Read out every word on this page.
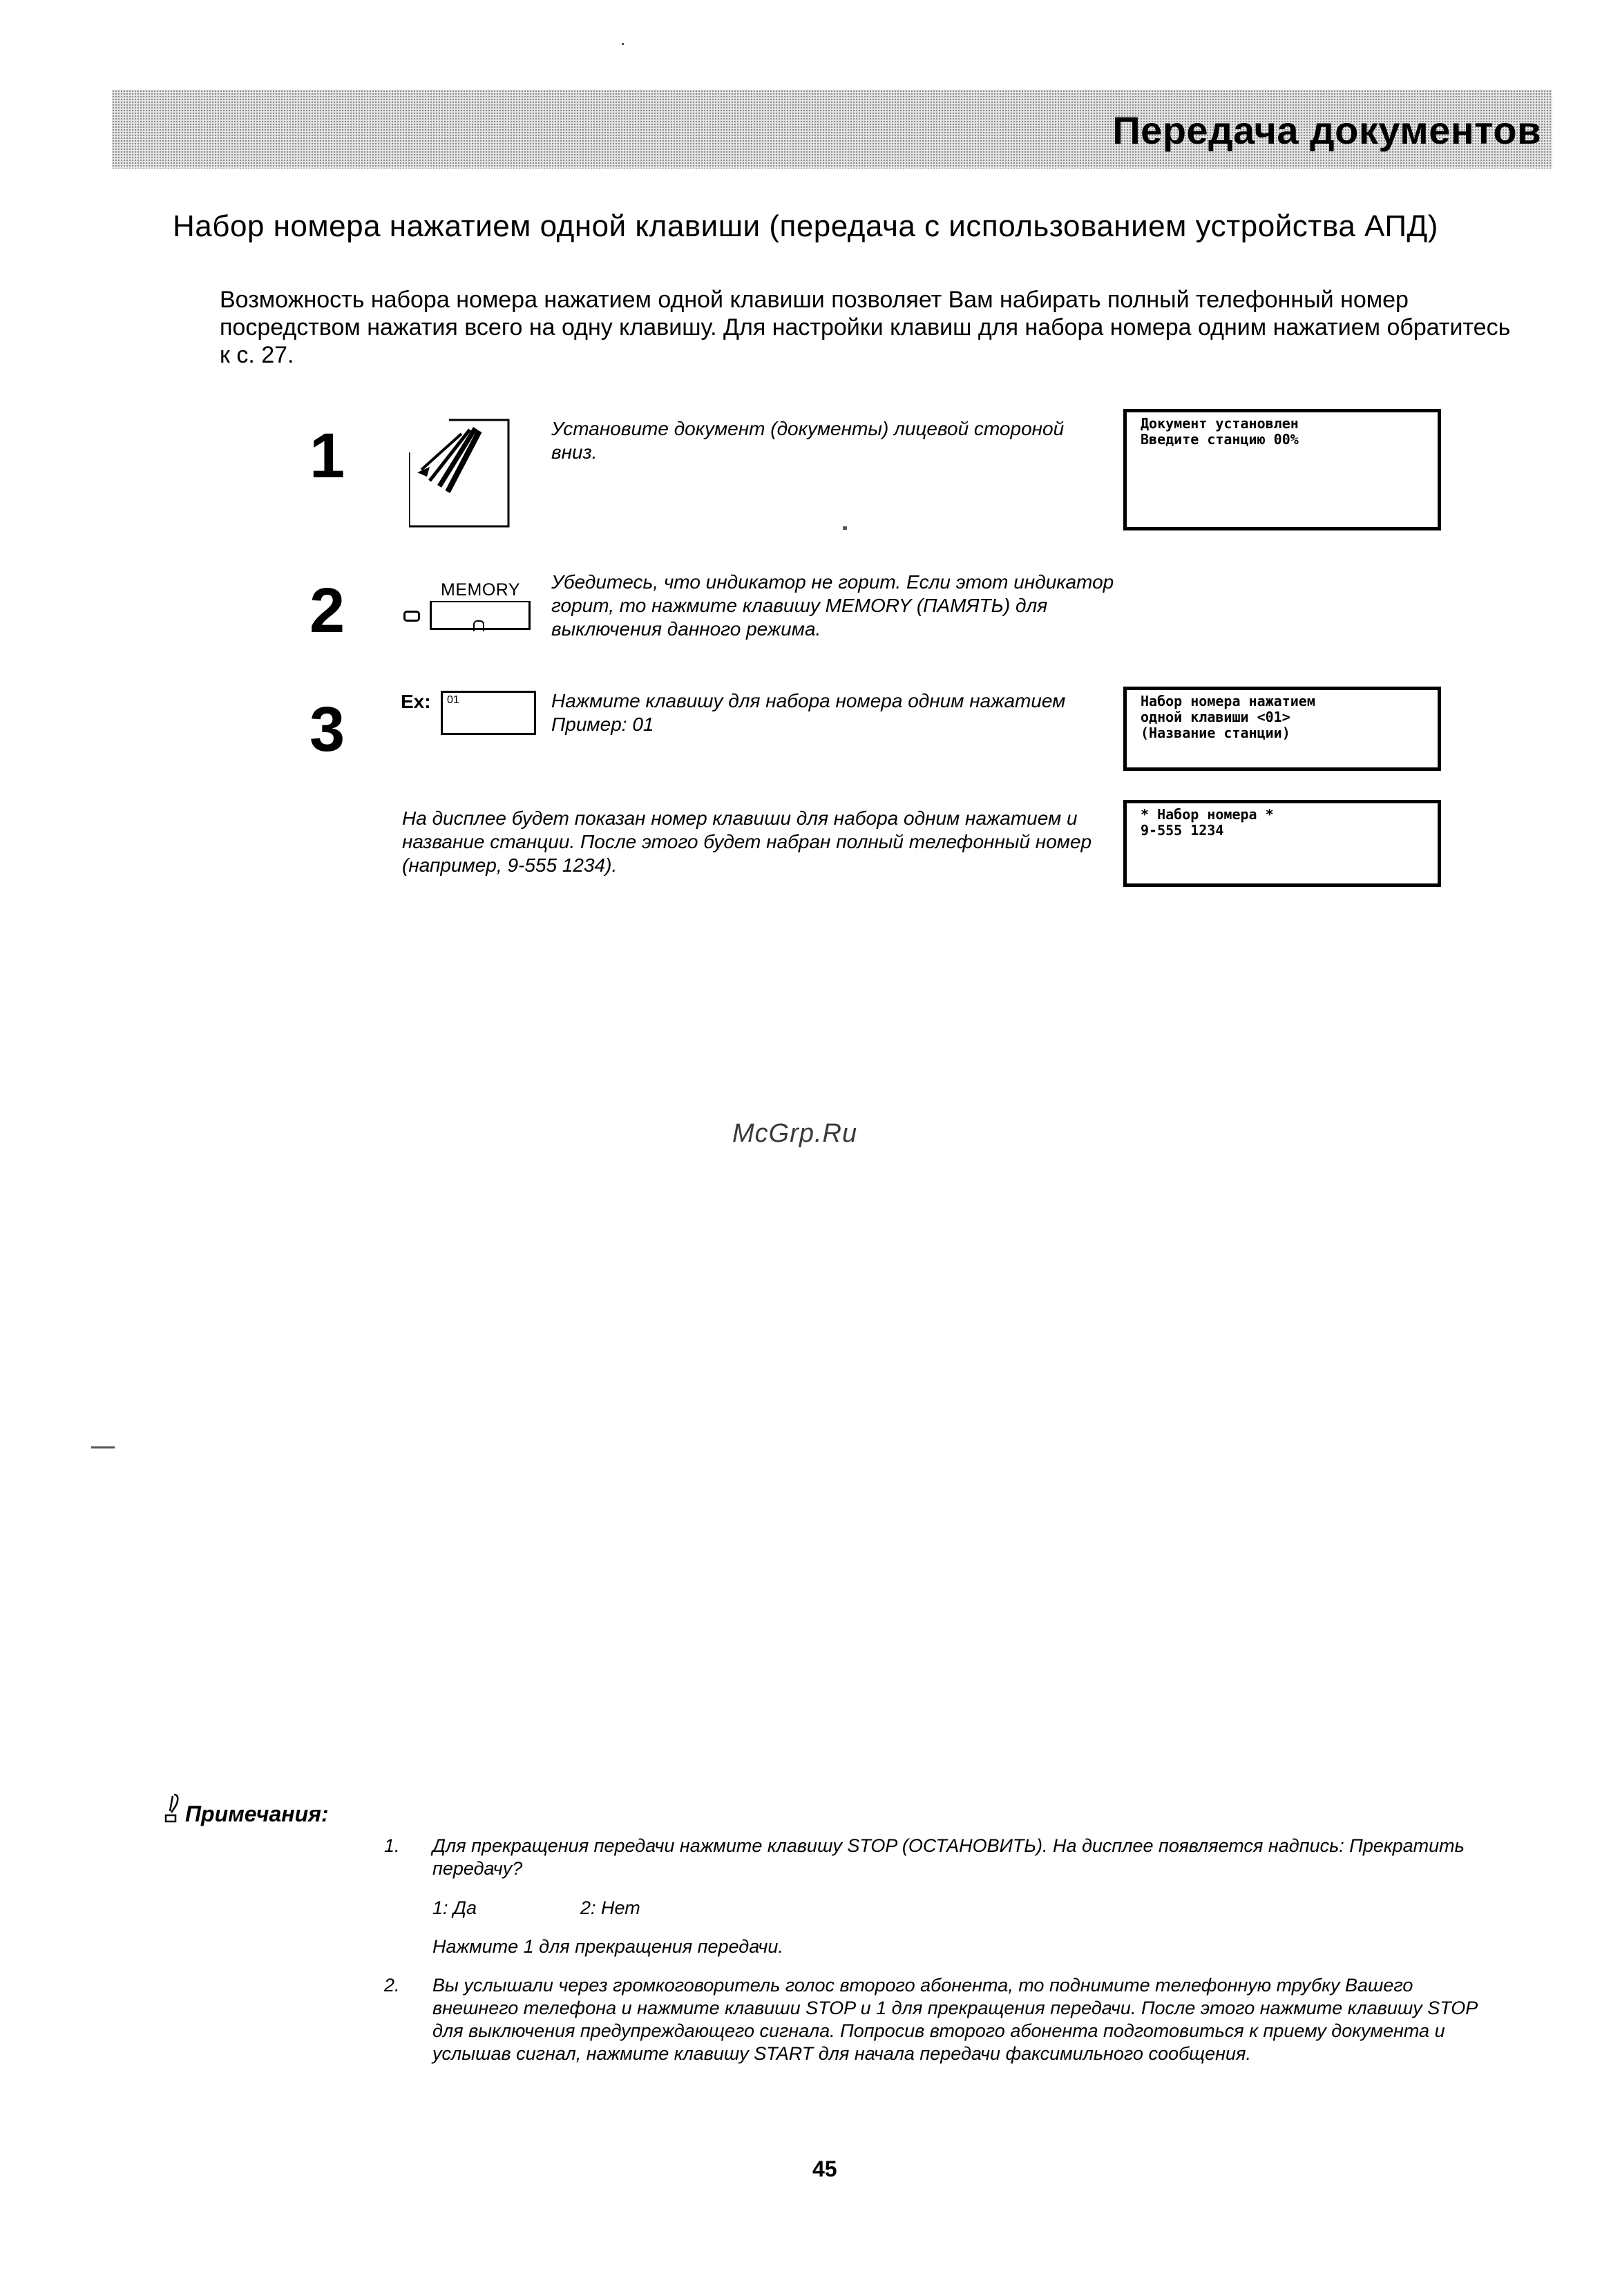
Передача документов
Набор номера нажатием одной клавиши (передача с использованием устройства АПД)
Возможность набора номера нажатием одной клавиши позволяет Вам набирать полный телефонный номер посредством нажатия всего на одну клавишу. Для настройки клавиш для набора номера одним нажатием обратитесь к с. 27.
1	Установите документ (документы) лицевой стороной вниз.
Документ установлен
Введите станцию 00%
2	MEMORY Убедитесь, что индикатор не горит. Если этот индикатор горит, то нажмите клавишу MEMORY (ПАМЯТЬ) для выключения данного режима.
3	Ex: 01	Нажмите клавишу для набора номера одним нажатием
Пример: 01
Набор номера нажатием
одной клавиши <01>
(Название станции)
На дисплее будет показан номер клавиши для набора одним нажатием и название станции. После этого будет набран полный телефонный номер (например, 9-555 1234).
* Набор номера *
9-555 1234
McGrp.Ru
Примечания:
1. Для прекращения передачи нажмите клавишу STOP (ОСТАНОВИТЬ). На дисплее появляется надпись: Прекратить передачу?
1: Да	2: Нет
Нажмите 1 для прекращения передачи.
2. Вы услышали через громкоговоритель голос второго абонента, то поднимите телефонную трубку Вашего внешнего телефона и нажмите клавиши STOP и 1 для прекращения передачи. После этого нажмите клавишу STOP для выключения предупреждающего сигнала. Попросив второго абонента подготовиться к приему документа и услышав сигнал, нажмите клавишу START для начала передачи факсимильного сообщения.
45
